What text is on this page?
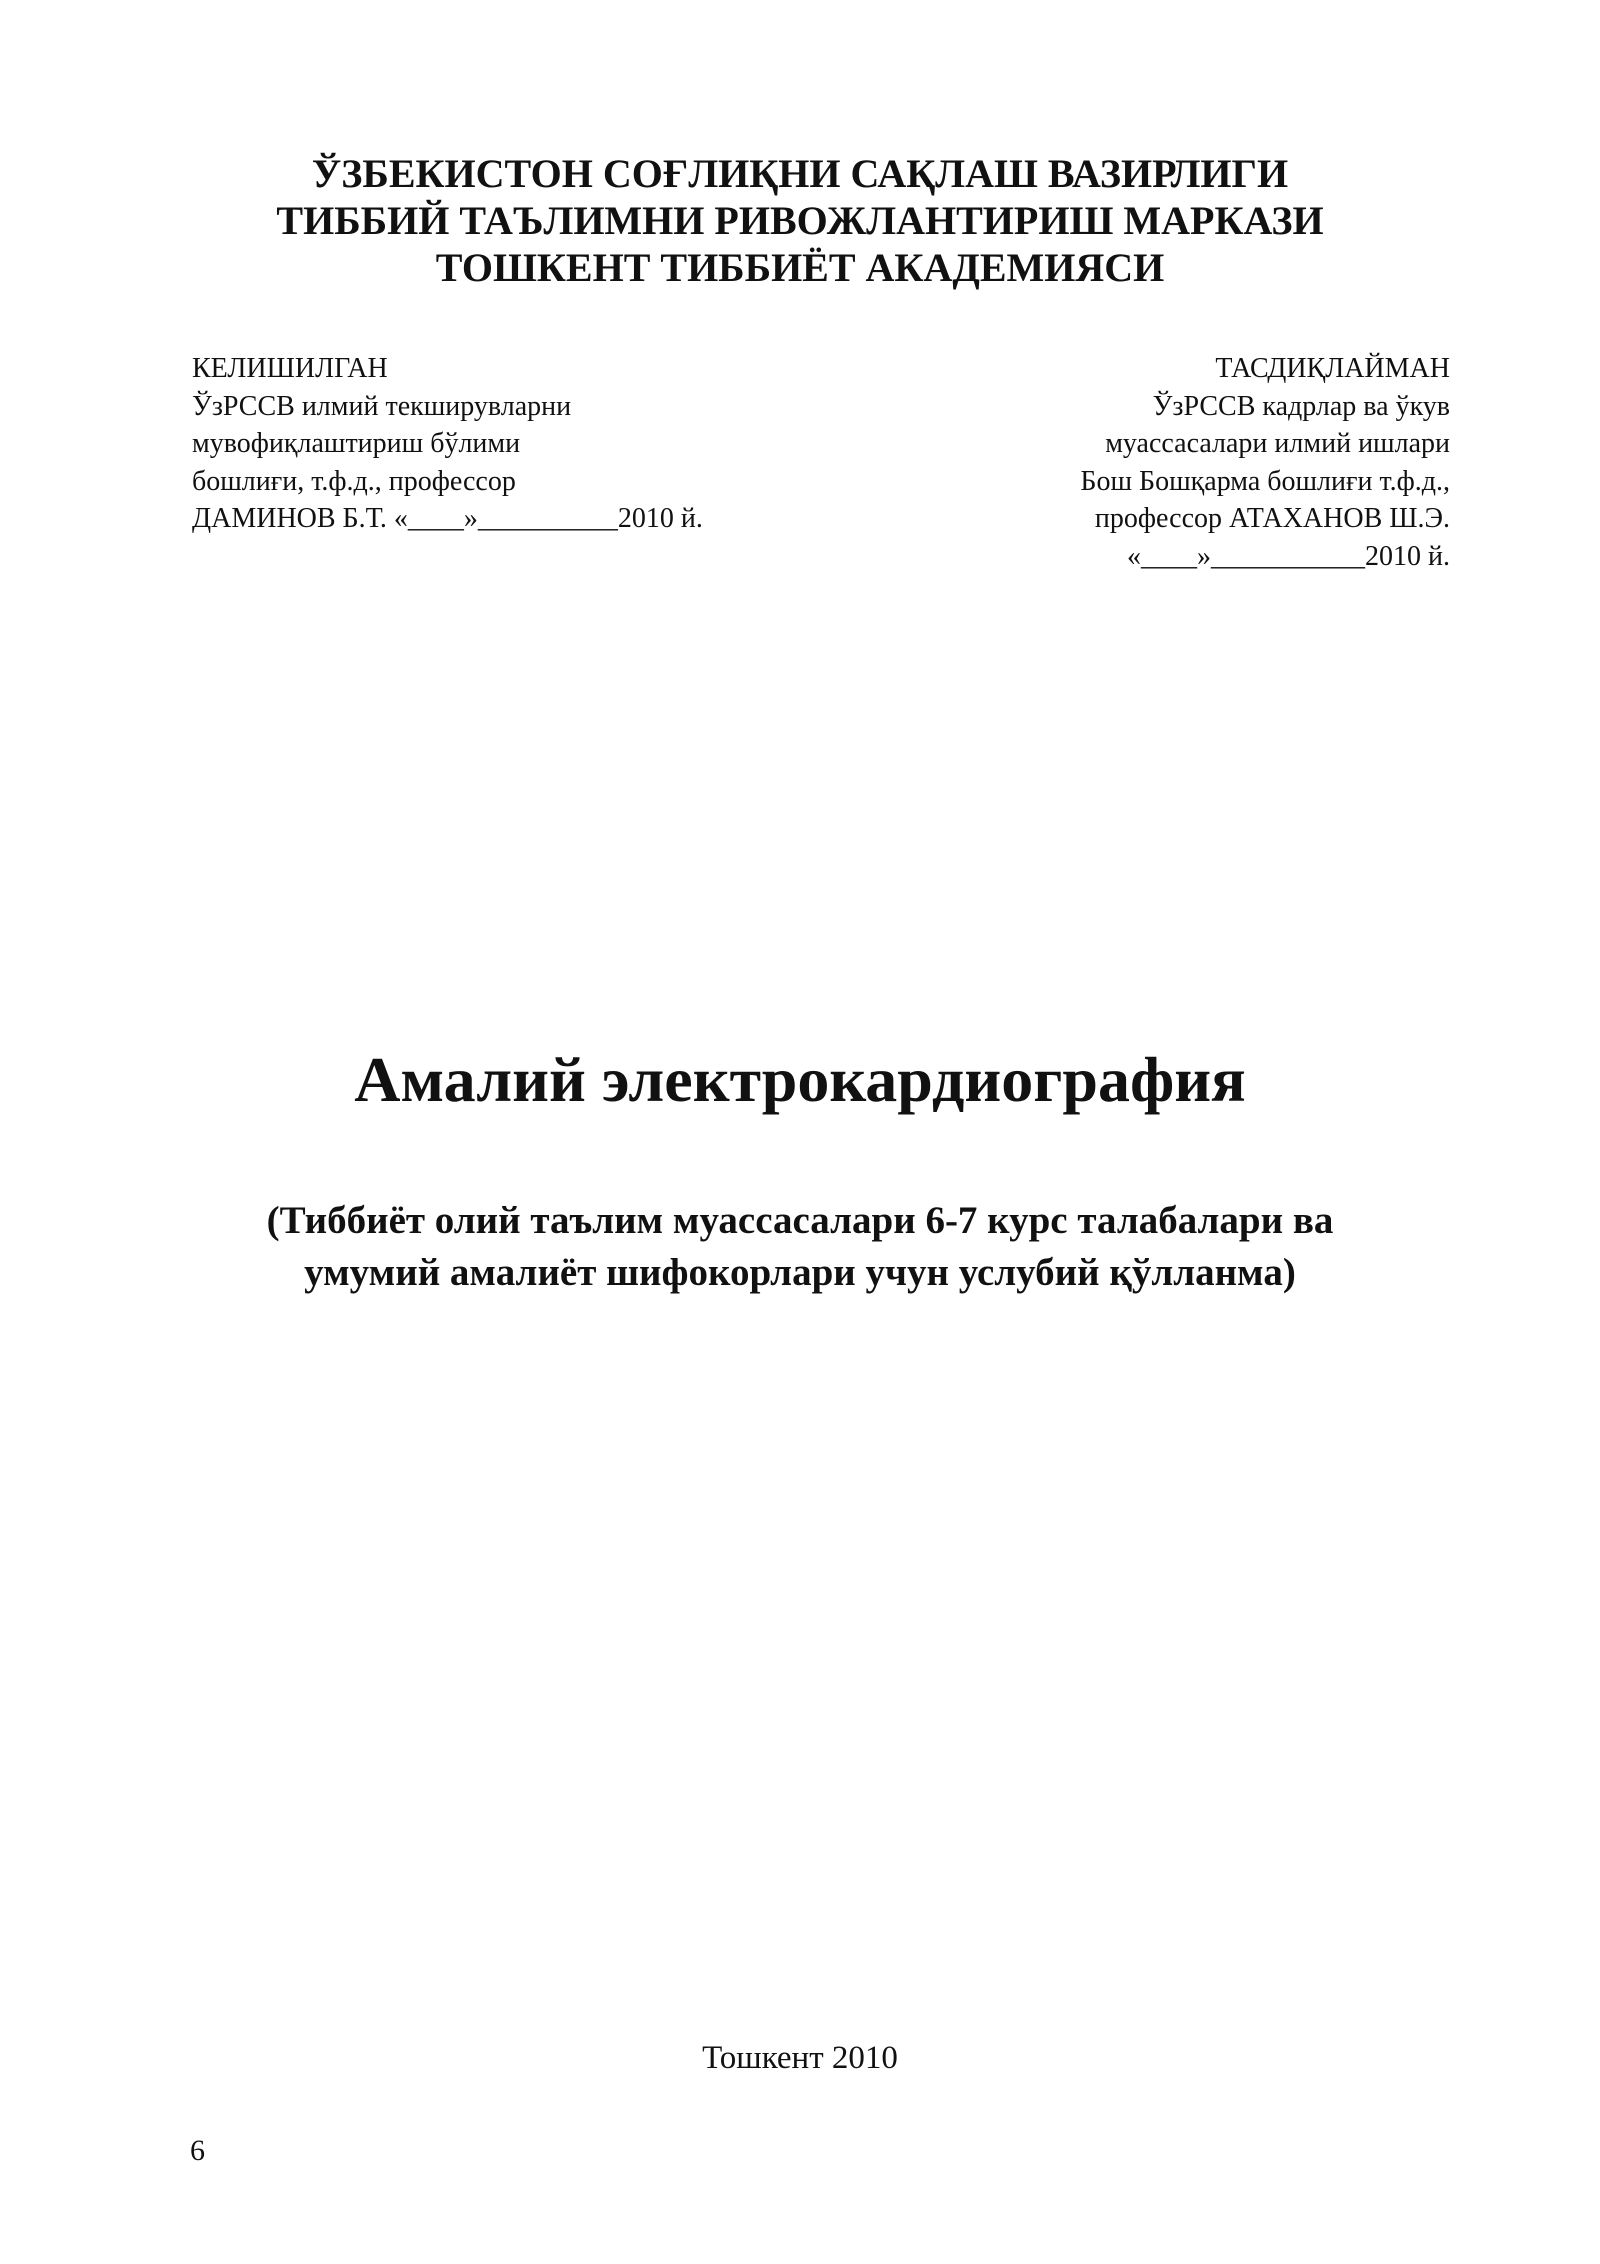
ЎЗБЕКИСТОН СОҒЛИҚНИ САҚЛАШ ВАЗИРЛИГИ
ТИББИЙ ТАЪЛИМНИ РИВОЖЛАНТИРИШ МАРКАЗИ
ТОШКЕНТ ТИББИЁТ АКАДЕМИЯСИ
КЕЛИШИЛГАН
ЎзРССВ илмий текширувларни
мувофиқлаштириш бўлими
бошлиғи, т.ф.д., профессор
ДАМИНОВ Б.Т. «____»__________2010 й.
ТАСДИҚЛАЙМАН
ЎзРССВ кадрлар ва ўкув
муассасалари илмий ишлари
Бош Бошқарма бошлиғи т.ф.д.,
профессор АТАХАНОВ Ш.Э.
«____»___________2010 й.
Амалий электрокардиография
(Тиббиёт олий таълим муассасалари 6-7 курс талабалари ва
умумий амалиёт шифокорлари учун услубий қўлланма)
Тошкент 2010
6
